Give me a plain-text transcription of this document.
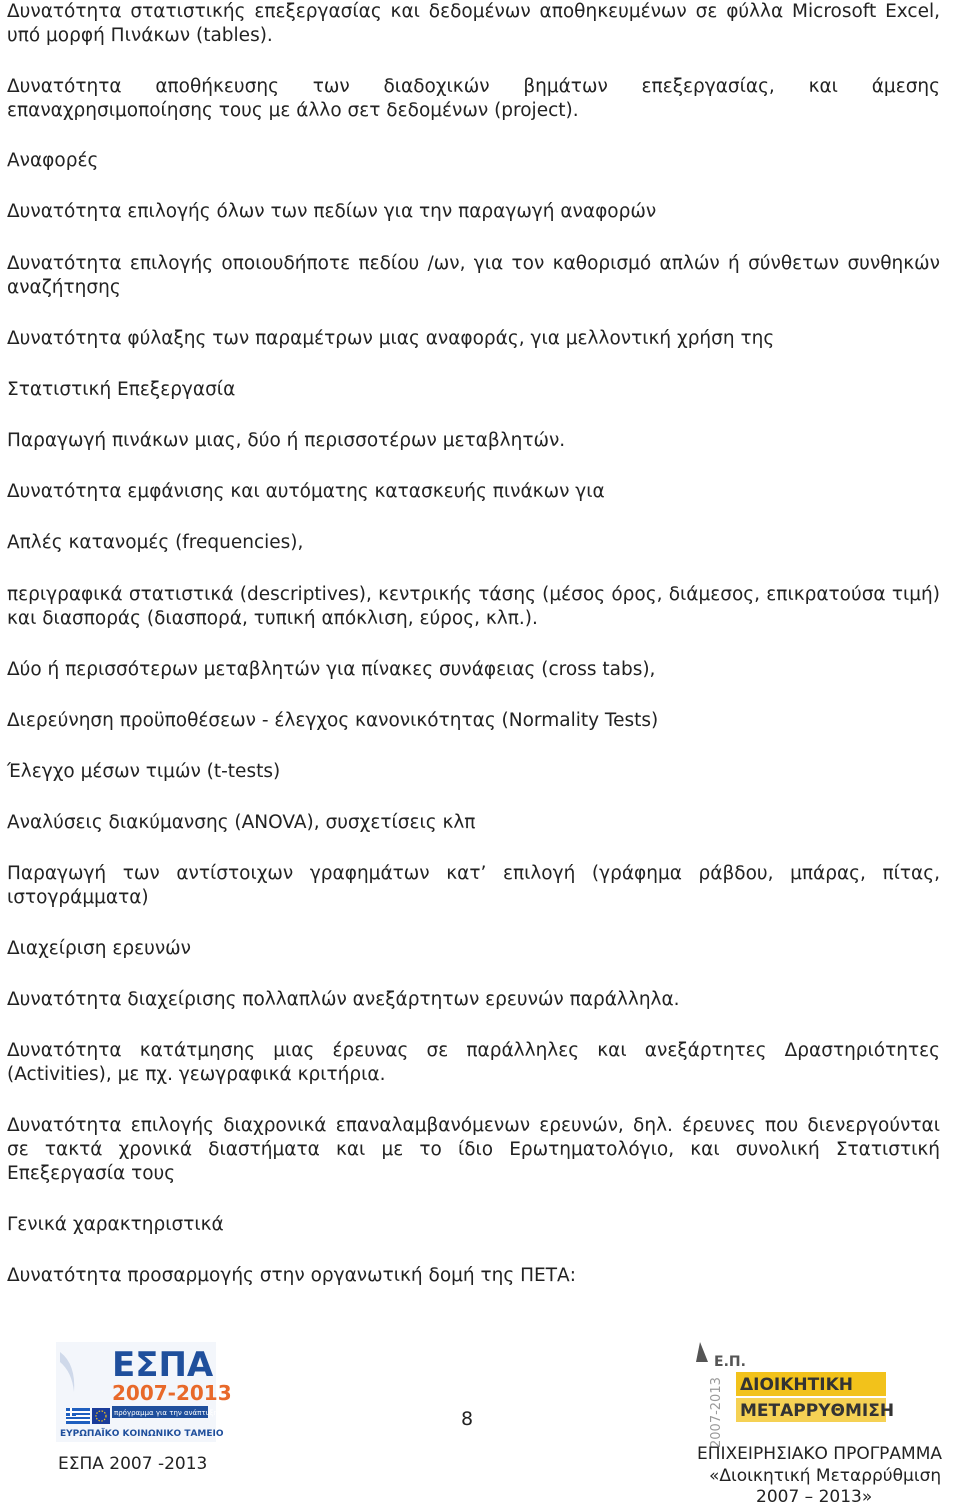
Δυνατότητα στατιστικής επεξεργασίας και δεδομένων αποθηκευμένων σε φύλλα Microsoft Excel, υπό μορφή Πινάκων (tables).

Δυνατότητα αποθήκευσης των διαδοχικών βημάτων επεξεργασίας, και άμεσης επαναχρησιμοποίησης τους με άλλο σετ δεδομένων (project).

Αναφορές

Δυνατότητα επιλογής όλων των πεδίων για την παραγωγή αναφορών

Δυνατότητα επιλογής οποιουδήποτε πεδίου /ων, για τον καθορισμό απλών ή σύνθετων συνθηκών αναζήτησης

Δυνατότητα φύλαξης των παραμέτρων μιας αναφοράς, για μελλοντική χρήση της

Στατιστική Επεξεργασία

Παραγωγή πινάκων μιας, δύο ή περισσοτέρων μεταβλητών.

Δυνατότητα εμφάνισης και αυτόματης κατασκευής πινάκων για

Απλές κατανομές (frequencies),

περιγραφικά στατιστικά (descriptives), κεντρικής τάσης (μέσος όρος, διάμεσος, επικρατούσα τιμή) και διασποράς (διασπορά, τυπική απόκλιση, εύρος, κλπ.).

Δύο ή περισσότερων μεταβλητών για πίνακες συνάφειας (cross tabs),

Διερεύνηση προϋποθέσεων - έλεγχος κανονικότητας (Normality Tests)

Έλεγχο μέσων τιμών (t-tests)

Αναλύσεις διακύμανσης (ANOVA), συσχετίσεις κλπ

Παραγωγή των αντίστοιχων γραφημάτων κατ’ επιλογή (γράφημα ράβδου, μπάρας, πίτας, ιστογράμματα)

Διαχείριση ερευνών

Δυνατότητα διαχείρισης πολλαπλών ανεξάρτητων ερευνών παράλληλα.

Δυνατότητα κατάτμησης μιας έρευνας σε παράλληλες και ανεξάρτητες Δραστηριότητες (Activities), με πχ. γεωγραφικά κριτήρια.

Δυνατότητα επιλογής διαχρονικά επαναλαμβανόμενων ερευνών, δηλ. έρευνες που διενεργούνται σε τακτά χρονικά διαστήματα και με το ίδιο Ερωτηματολόγιο, και συνολική Στατιστική Επεξεργασία τους

Γενικά χαρακτηριστικά

Δυνατότητα προσαρμογής στην οργανωτική δομή της ΠΕΤΑ:

ΕΣΠΑ
2007-2013
πρόγραμμα για την ανάπτυξη
ΕΥΡΩΠΑΪΚΟ ΚΟΙΝΩΝΙΚΟ ΤΑΜΕΙΟ
ΕΣΠΑ 2007 -2013
8
Ε.Π.
ΔΙΟΙΚΗΤΙΚΗ
ΜΕΤΑΡΡΥΘΜΙΣΗ
2007-2013
ΕΠΙΧΕΙΡΗΣΙΑΚΟ ΠΡΟΓΡΑΜΜΑ
«Διοικητική Μεταρρύθμιση
2007 – 2013»
